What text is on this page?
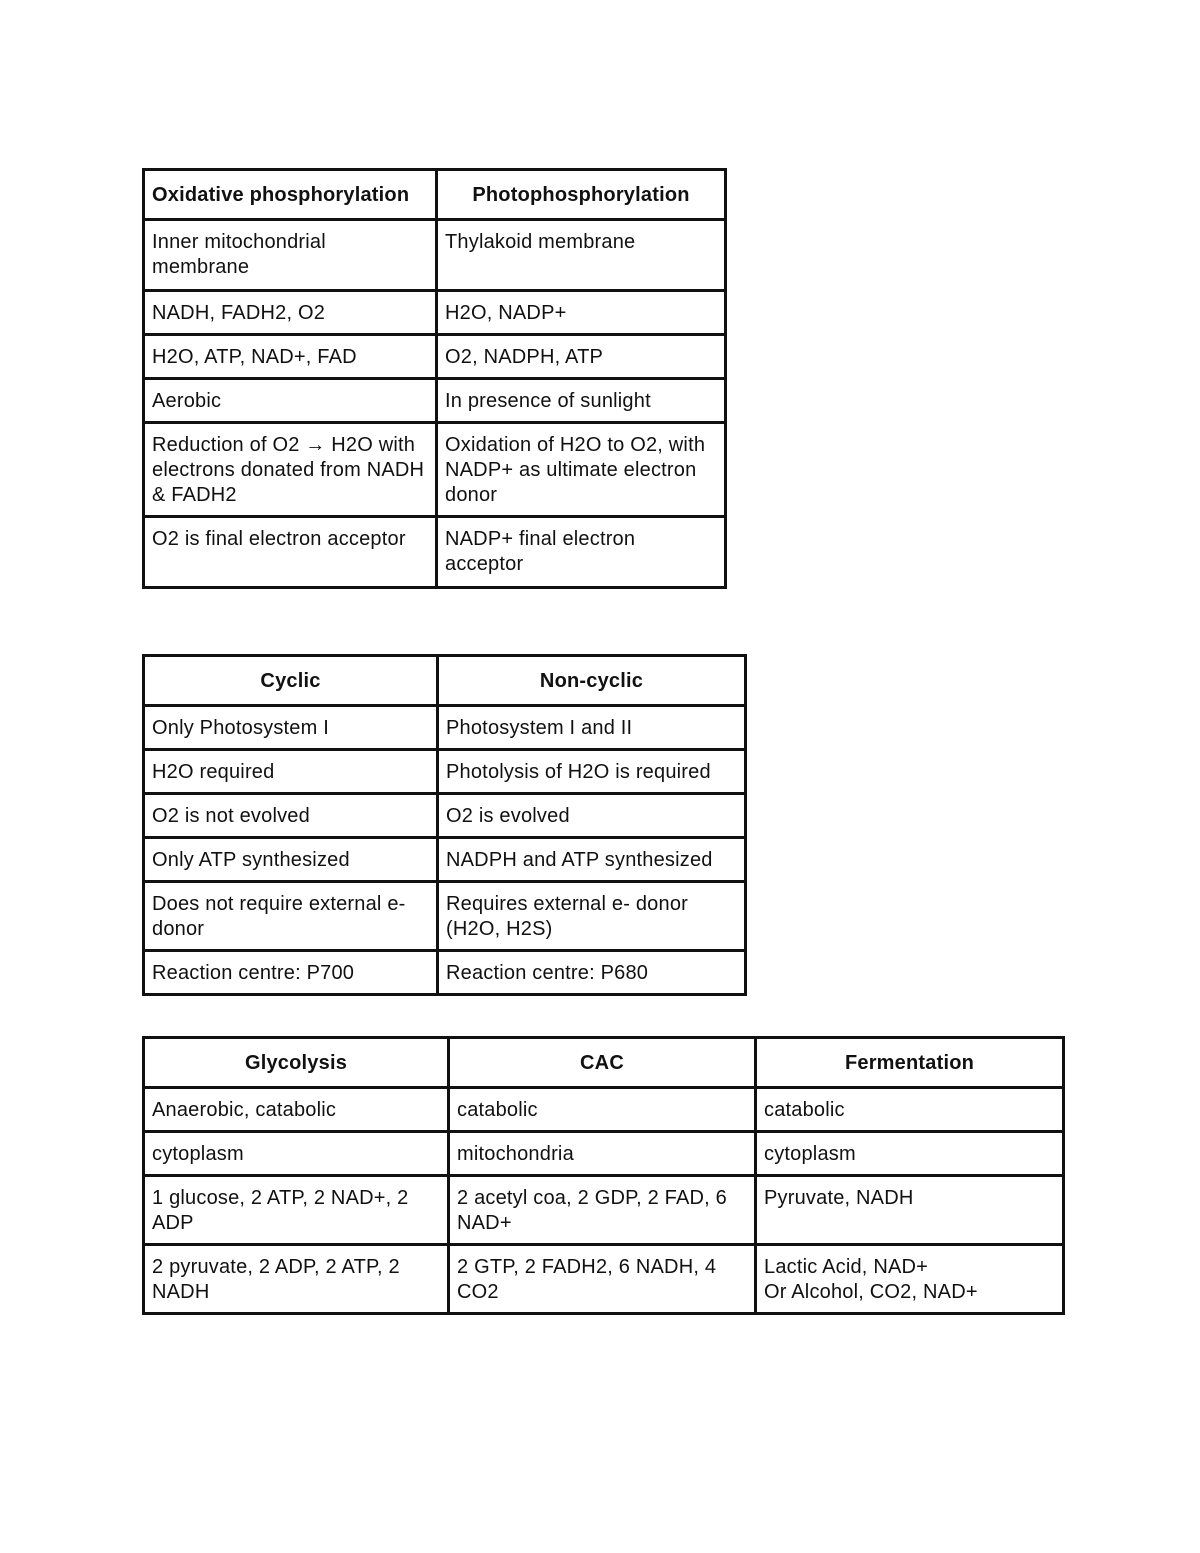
Oxidative phosphorylation	Photophosphorylation
Inner mitochondrial membrane	Thylakoid membrane
NADH, FADH2, O2	H2O, NADP+
H2O, ATP, NAD+, FAD	O2, NADPH, ATP
Aerobic	In presence of sunlight
Reduction of O2 → H2O with electrons donated from NADH & FADH2	Oxidation of H2O to O2, with NADP+ as ultimate electron donor
O2 is final electron acceptor	NADP+ final electron acceptor
Cyclic	Non-cyclic
Only Photosystem I	Photosystem I and II
H2O required	Photolysis of H2O is required
O2 is not evolved	O2 is evolved
Only ATP synthesized	NADPH and ATP synthesized
Does not require external e- donor	Requires external e- donor (H2O, H2S)
Reaction centre: P700	Reaction centre: P680
Glycolysis	CAC	Fermentation
Anaerobic, catabolic	catabolic	catabolic
cytoplasm	mitochondria	cytoplasm
1 glucose, 2 ATP, 2 NAD+, 2 ADP	2 acetyl coa, 2 GDP, 2 FAD, 6 NAD+	Pyruvate, NADH
2 pyruvate, 2 ADP, 2 ATP, 2 NADH	2 GTP, 2 FADH2, 6 NADH, 4 CO2	Lactic Acid, NAD+
Or Alcohol, CO2, NAD+
